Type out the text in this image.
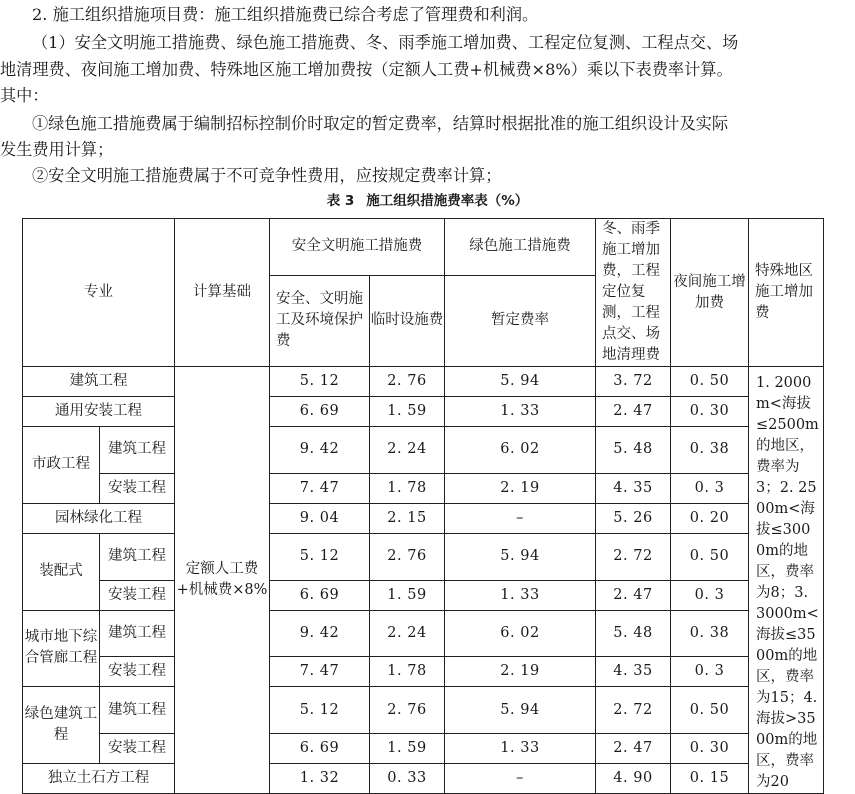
2. 施工组织措施项目费：施工组织措施费已综合考虑了管理费和利润。

（1）安全文明施工措施费、绿色施工措施费、冬、雨季施工增加费、工程定位复测、工程点交、场

地清理费、夜间施工增加费、特殊地区施工增加费按（定额人工费+机械费×8%）乘以下表费率计算。

其中：

①绿色施工措施费属于编制招标控制价时取定的暂定费率，结算时根据批准的施工组织设计及实际

发生费用计算；

②安全文明施工措施费属于不可竞争性费用，应按规定费率计算；

表 3 施工组织措施费率表（%）
专业		计算基础	安全文明施工措施费		绿色施工措施费	冬、雨季施工增加费，工程定位复测，工程点交、场地清理费	夜间施工增加费	特殊地区施工增加费
			安全、文明施工及环境保护费	临时设施费	暂定费率			
建筑工程		定额人工费+机械费×8%	5. 12	2. 76	5. 94	3. 72	0. 50	1. 2000m<海拔≤2500m的地区，费率为3；2. 2500m<海拔≤3000m的地区，费率为8；3. 3000m<海拔≤3500m的地区，费率为15；4. 海拔>3500m的地区，费率为20
通用安装工程			6. 69	1. 59	1. 33	2. 47	0. 30	
市政工程	建筑工程		9. 42	2. 24	6. 02	5. 48	0. 38	
	安装工程		7. 47	1. 78	2. 19	4. 35	0. 3	
园林绿化工程			9. 04	2. 15	–	5. 26	0. 20	
装配式	建筑工程		5. 12	2. 76	5. 94	2. 72	0. 50	
	安装工程		6. 69	1. 59	1. 33	2. 47	0. 3	
城市地下综合管廊工程	建筑工程		9. 42	2. 24	6. 02	5. 48	0. 38	
	安装工程		7. 47	1. 78	2. 19	4. 35	0. 3	
绿色建筑工程	建筑工程		5. 12	2. 76	5. 94	2. 72	0. 50	
	安装工程		6. 69	1. 59	1. 33	2. 47	0. 30	
独立土石方工程			1. 32	0. 33	–	4. 90	0. 15	
